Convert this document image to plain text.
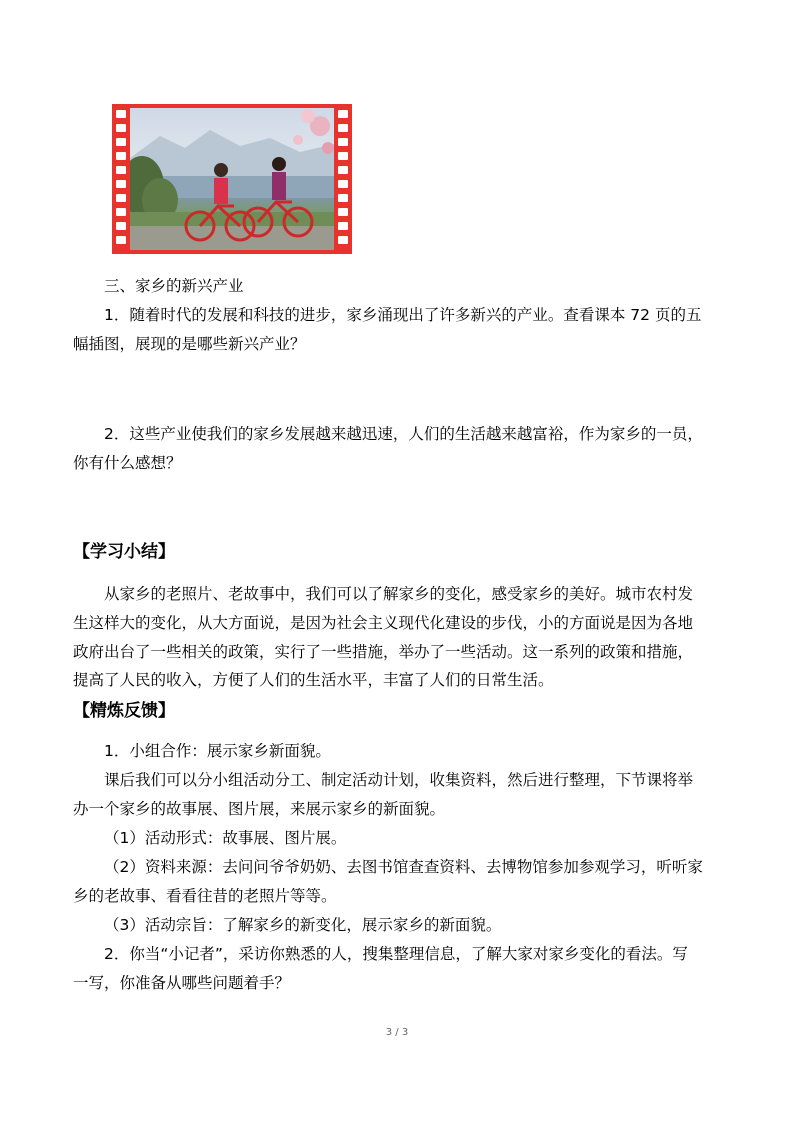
三、家乡的新兴产业
1．随着时代的发展和科技的进步，家乡涌现出了许多新兴的产业。查看课本 72 页的五
幅插图，展现的是哪些新兴产业？
2．这些产业使我们的家乡发展越来越迅速，人们的生活越来越富裕，作为家乡的一员，
你有什么感想？
【学习小结】
从家乡的老照片、老故事中，我们可以了解家乡的变化，感受家乡的美好。城市农村发
生这样大的变化，从大方面说，是因为社会主义现代化建设的步伐，小的方面说是因为各地
政府出台了一些相关的政策，实行了一些措施，举办了一些活动。这一系列的政策和措施，
提高了人民的收入，方便了人们的生活水平，丰富了人们的日常生活。
【精炼反馈】
1．小组合作：展示家乡新面貌。
课后我们可以分小组活动分工、制定活动计划，收集资料，然后进行整理，下节课将举
办一个家乡的故事展、图片展，来展示家乡的新面貌。
（1）活动形式：故事展、图片展。
（2）资料来源：去问问爷爷奶奶、去图书馆查查资料、去博物馆参加参观学习，听听家
乡的老故事、看看往昔的老照片等等。
（3）活动宗旨：了解家乡的新变化，展示家乡的新面貌。
2．你当“小记者”，采访你熟悉的人，搜集整理信息，了解大家对家乡变化的看法。写
一写，你准备从哪些问题着手？
3 / 3
